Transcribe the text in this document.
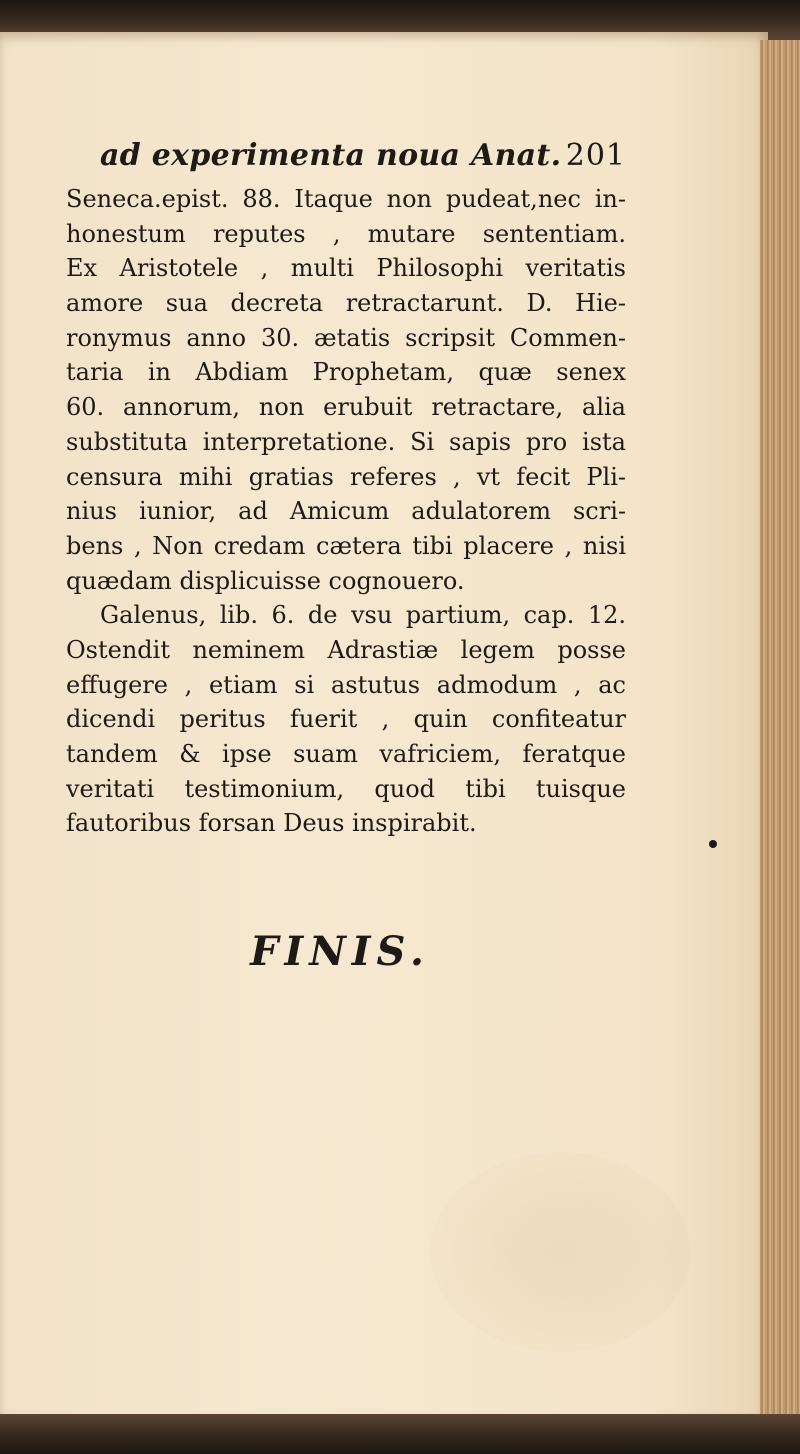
ad experimenta noua Anat. 201
Seneca.epist. 88. Itaque non pudeat,nec in-
honestum reputes , mutare sententiam.
Ex Aristotele , multi Philosophi veritatis
amore sua decreta retractarunt. D. Hie-
ronymus anno 30. ætatis scripsit Commen-
taria in Abdiam Prophetam, quæ senex
60. annorum, non erubuit retractare, alia
substituta interpretatione. Si sapis pro ista
censura mihi gratias referes , vt fecit Pli-
nius iunior, ad Amicum adulatorem scri-
bens , Non credam cætera tibi placere , nisi
quædam displicuisse cognouero.
Galenus, lib. 6. de vsu partium, cap. 12.
Ostendit neminem Adrastiæ legem posse
effugere , etiam si astutus admodum , ac
dicendi peritus fuerit , quin confiteatur
tandem & ipse suam vafriciem, feratque
veritati testimonium, quod tibi tuisque
fautoribus forsan Deus inspirabit.
FINIS.
